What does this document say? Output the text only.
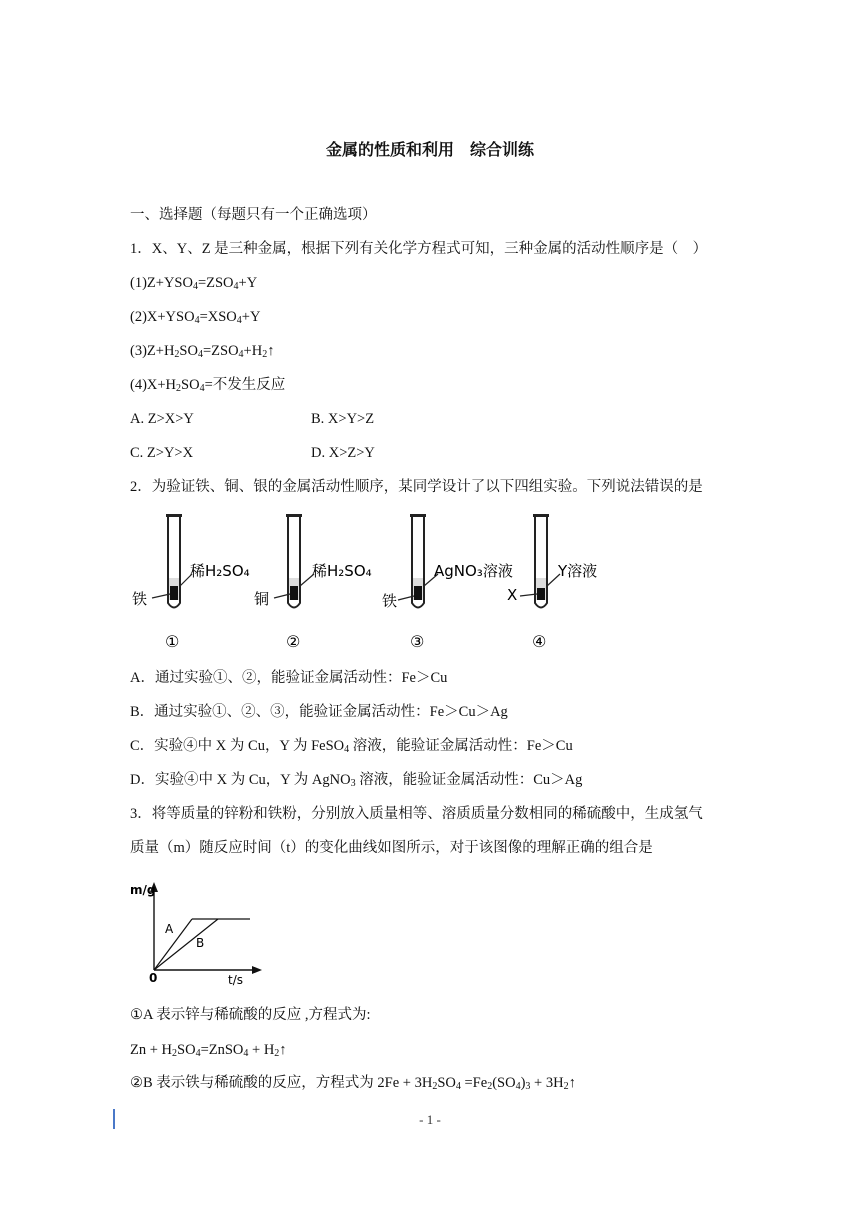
金属的性质和利用　综合训练
一、选择题（每题只有一个正确选项）
1．X、Y、Z 是三种金属，根据下列有关化学方程式可知，三种金属的活动性顺序是（　）
$(1)Z+YSO_4=ZSO_4+Y$
$(2)X+YSO_4=XSO_4+Y$
$(3)Z+H_2SO_4=ZSO_4+H_2↑$
$(4)X+H_2SO_4=$不发生反应
A. Z>X>Y	B. X>Y>Z
C. Z>Y>X	D. X>Z>Y
2．为验证铁、铜、银的金属活动性顺序，某同学设计了以下四组实验。下列说法错误的是
稀H₂SO₄
铁
①
稀H₂SO₄
铜
②
AgNO₃溶液
铁
③
Y溶液
X
④
A．通过实验①、②，能验证金属活动性：Fe＞Cu
B．通过实验①、②、③，能验证金属活动性：Fe＞Cu＞Ag
C．实验④中 X 为 Cu，Y 为 FeSO$_4$ 溶液，能验证金属活动性：Fe＞Cu
D．实验④中 X 为 Cu，Y 为 AgNO$_3$ 溶液，能验证金属活动性：Cu＞Ag
3．将等质量的锌粉和铁粉，分别放入质量相等、溶质质量分数相同的稀硫酸中，生成氢气
质量（m）随反应时间（t）的变化曲线如图所示，对于该图像的理解正确的组合是
m/g
t/s
0
A
B
①A 表示锌与稀硫酸的反应 ,方程式为:
$Zn + H_2SO_4=ZnSO_4$ + $H_2↑$
②B 表示铁与稀硫酸的反应，方程式为 $2Fe + 3H_2SO_4 =Fe_2(SO_4)_3$ + $3H_2↑$
- 1 -
